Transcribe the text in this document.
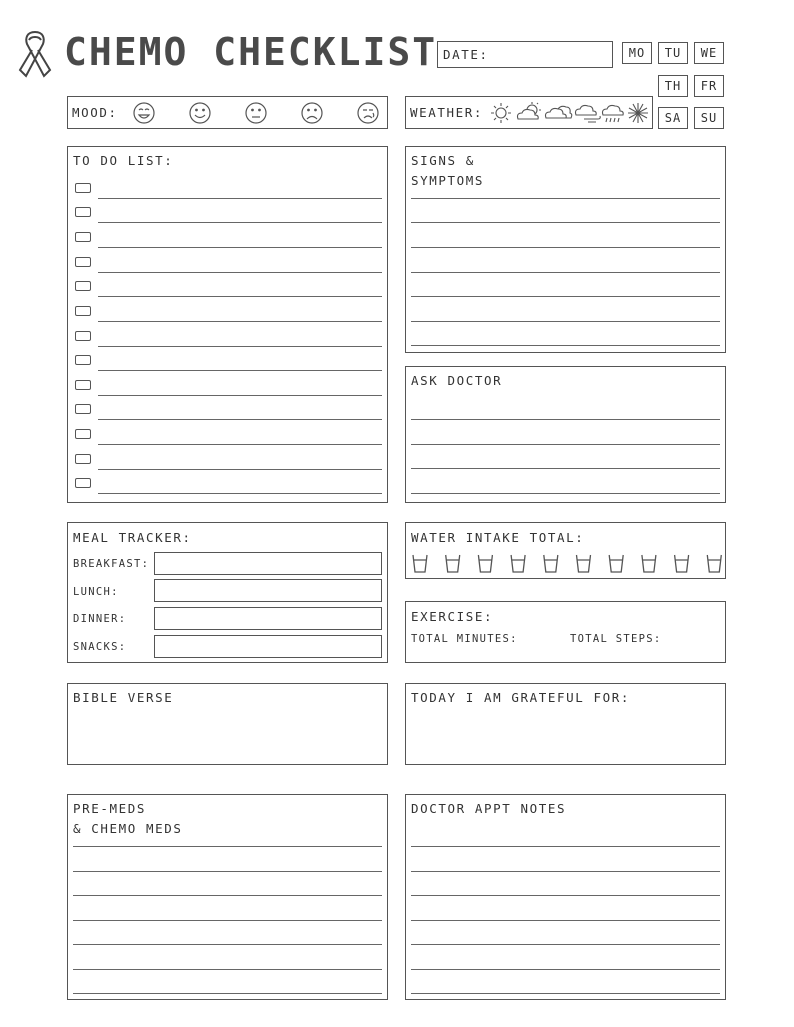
CHEMO CHECKLIST DATE:	MO	TU	WE
TH	FR
SA	SU
MOOD:	WEATHER:
TO DO LIST:	SIGNS &
SYMPTOMS
ASK DOCTOR
MEAL TRACKER:
BREAKFAST:
LUNCH:
DINNER:
SNACKS:
WATER INTAKE TOTAL:
EXERCISE:
TOTAL MINUTES:	TOTAL STEPS:
BIBLE VERSE	TODAY I AM GRATEFUL FOR:
PRE-MEDS
& CHEMO MEDS
DOCTOR APPT NOTES
